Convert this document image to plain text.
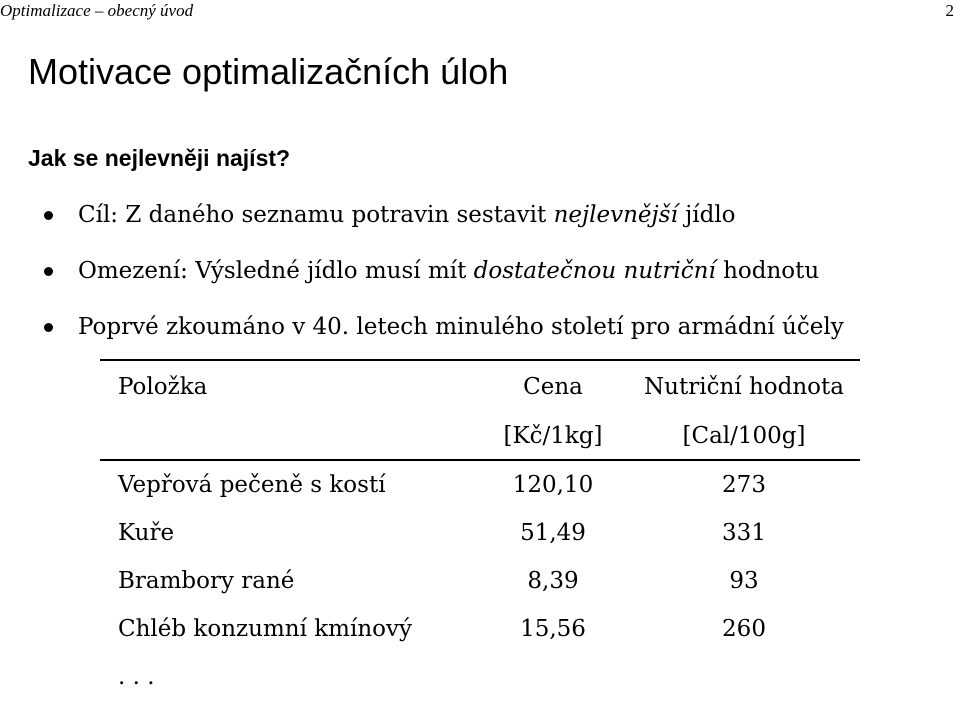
Optimalizace – obecný úvod	2
Motivace optimalizačních úloh
Jak se nejlevněji najíst?
Cíl: Z daného seznamu potravin sestavit nejlevnější jídlo
Omezení: Výsledné jídlo musí mít dostatečnou nutriční hodnotu
Poprvé zkoumáno v 40. letech minulého století pro armádní účely
Položka	Cena	Nutriční hodnota
	[Kč/1kg]	[Cal/100g]
Vepřová pečeně s kostí	120,10	273
Kuře	51,49	331
Brambory rané	8,39	93
Chléb konzumní kmínový	15,56	260
. . .		
